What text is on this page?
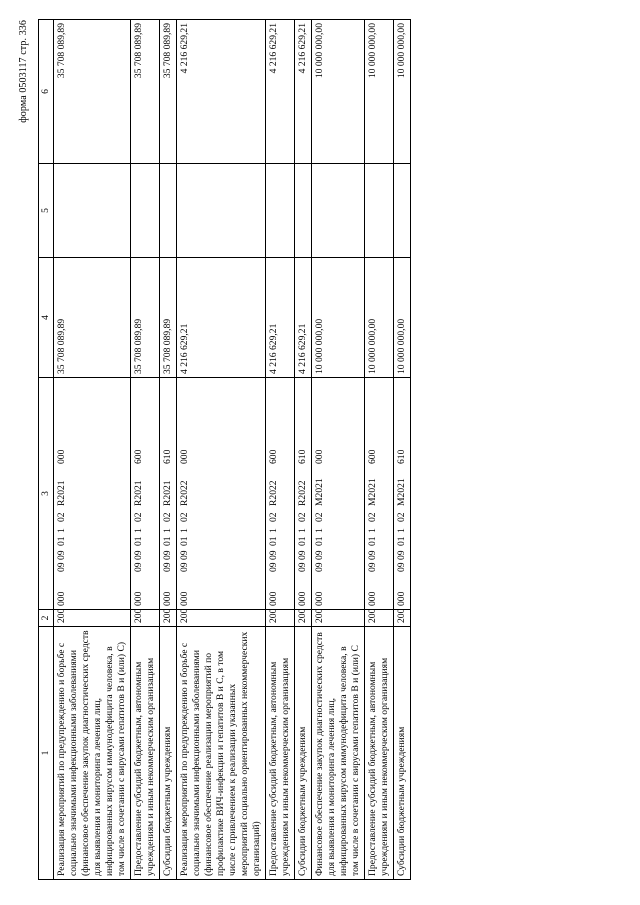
форма 0503117 стр. 336
1	2	3	4	5	6
Реализация мероприятий по предупреждению и борьбе с социально значимыми инфекционными заболеваниями (финансовое обеспечение закупок диагностических средств для выявления и мониторинга лечения лиц, инфицированных вирусом иммунодефицита человека, в том числе в сочетании с вирусами гепатитов B и (или) C)	200	000090901102R2021000	35 708 089,89		35 708 089,89
Предоставление субсидий бюджетным, автономным учреждениям и иным некоммерческим организациям	200	000090901102R2021600	35 708 089,89		35 708 089,89
Субсидии бюджетным учреждениям	200	000090901102R2021610	35 708 089,89		35 708 089,89
Реализация мероприятий по предупреждению и борьбе с социально значимыми инфекционными заболеваниями (финансовое обеспечение реализации мероприятий по профилактике ВИЧ-инфекции и гепатитов B и C, в том числе с привлечением к реализации указанных мероприятий социально ориентированных некоммерческих организаций)	200	000090901102R2022000	4 216 629,21		4 216 629,21
Предоставление субсидий бюджетным, автономным учреждениям и иным некоммерческим организациям	200	000090901102R2022600	4 216 629,21		4 216 629,21
Субсидии бюджетным учреждениям	200	000090901102R2022610	4 216 629,21		4 216 629,21
Финансовое обеспечение закупок диагностических средств для выявления и мониторинга лечения лиц, инфицированных вирусом иммунодефицита человека, в том числе в сочетании с вирусами гепатитов B и (или) C	200	000090901102M2021000	10 000 000,00		10 000 000,00
Предоставление субсидий бюджетным, автономным учреждениям и иным некоммерческим организациям	200	000090901102M2021600	10 000 000,00		10 000 000,00
Субсидии бюджетным учреждениям	200	000090901102M2021610	10 000 000,00		10 000 000,00
